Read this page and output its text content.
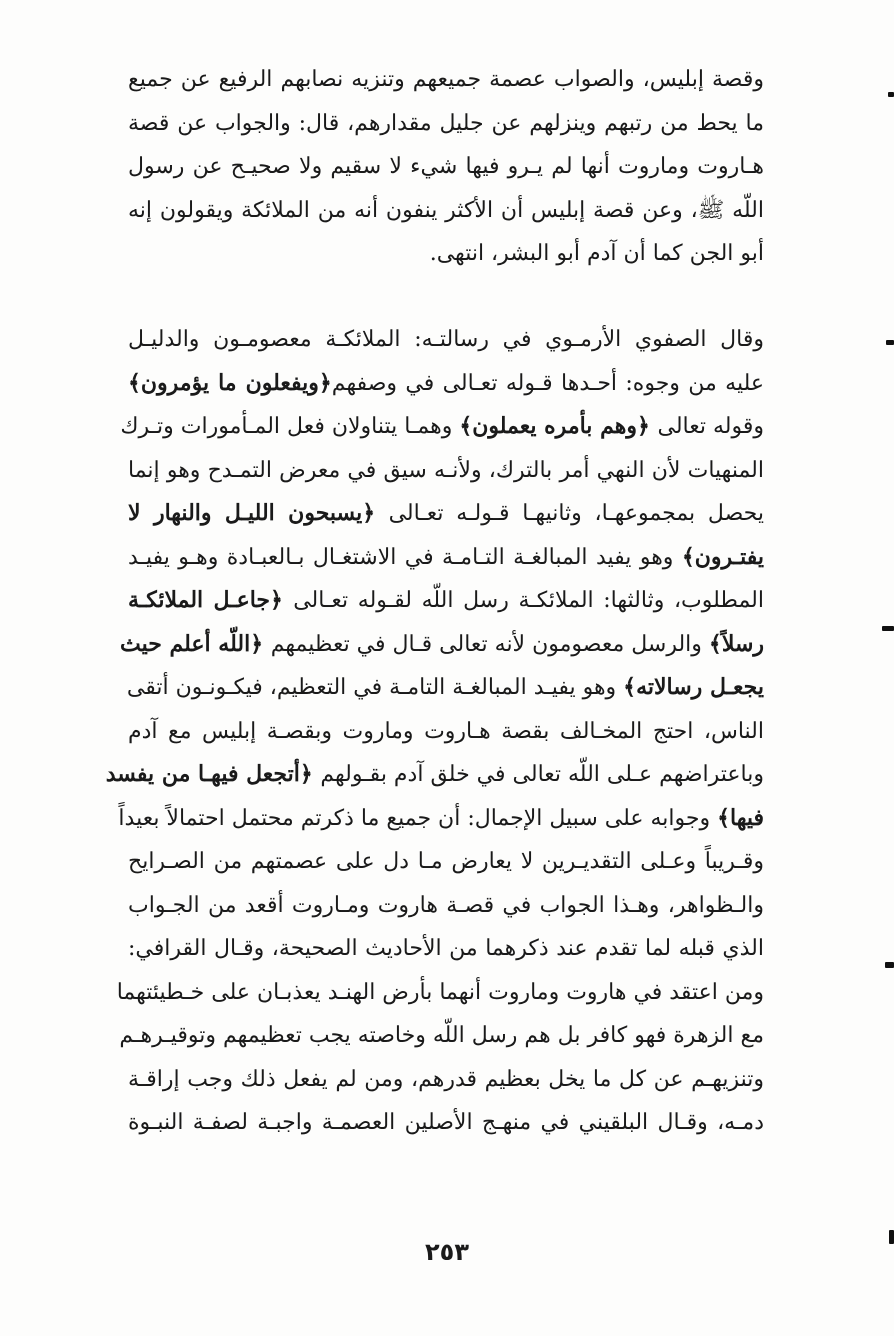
وقصة إبليس، والصواب عصمة جميعهم وتنزيه نصابهم الرفيع عن جميع
ما يحط من رتبهم وينزلهم عن جليل مقدارهم، قال: والجواب عن قصة
هـاروت وماروت أنها لم يـرو فيها شيء لا سقيم ولا صحيـح عن رسول
اللّه ﷺ، وعن قصة إبليس أن الأكثر ينفون أنه من الملائكة ويقولون إنه
أبو الجن كما أن آدم أبو البشر، انتهى.
وقال الصفوي الأرمـوي في رسالتـه: الملائكـة معصومـون والدليـل
عليه من وجوه: أحـدها قـوله تعـالى في وصفهم﴿ويفعلون ما يؤمرون﴾
وقوله تعالى ﴿وهم بأمره يعملون﴾ وهمـا يتناولان فعل المـأمورات وتـرك
المنهيات لأن النهي أمر بالترك، ولأنـه سيق في معرض التمـدح وهو إنما
يحصل بمجموعهـا، وثانيهـا قـولـه تعـالى ﴿يسبحون الليـل والنهار لا
يفتـرون﴾ وهو يفيد المبالغـة التـامـة في الاشتغـال بـالعبـادة وهـو يفيـد
المطلوب، وثالثها: الملائكـة رسل اللّه لقـوله تعـالى ﴿جاعـل الملائكـة
رسلاً﴾ والرسل معصومون لأنه تعالى قـال في تعظيمهم ﴿اللّه أعلم حيث
يجعـل رسالاته﴾ وهو يفيـد المبالغـة التامـة في التعظيم، فيكـونـون أتقى
الناس، احتج المخـالف بقصة هـاروت وماروت وبقصـة إبليس مع آدم
وباعتراضهم عـلى اللّه تعالى في خلق آدم بقـولهم ﴿أتجعل فيهـا من يفسد
فيها﴾ وجوابه على سبيل الإجمال: أن جميع ما ذكرتم محتمل احتمالاً بعيداً
وقـريباً وعـلى التقديـرين لا يعارض مـا دل على عصمتهم من الصـرايح
والـظواهر، وهـذا الجواب في قصـة هاروت ومـاروت أقعد من الجـواب
الذي قبله لما تقدم عند ذكرهما من الأحاديث الصحيحة، وقـال القرافي:
ومن اعتقد في هاروت وماروت أنهما بأرض الهنـد يعذبـان على خـطيئتهما
مع الزهرة فهو كافر بل هم رسل اللّه وخاصته يجب تعظيمهم وتوقيـرهـم
وتنزيهـم عن كل ما يخل بعظيم قدرهم، ومن لم يفعل ذلك وجب إراقـة
دمـه، وقـال البلقيني في منهـج الأصلين العصمـة واجبـة لصفـة النبـوة
٢٥٣
